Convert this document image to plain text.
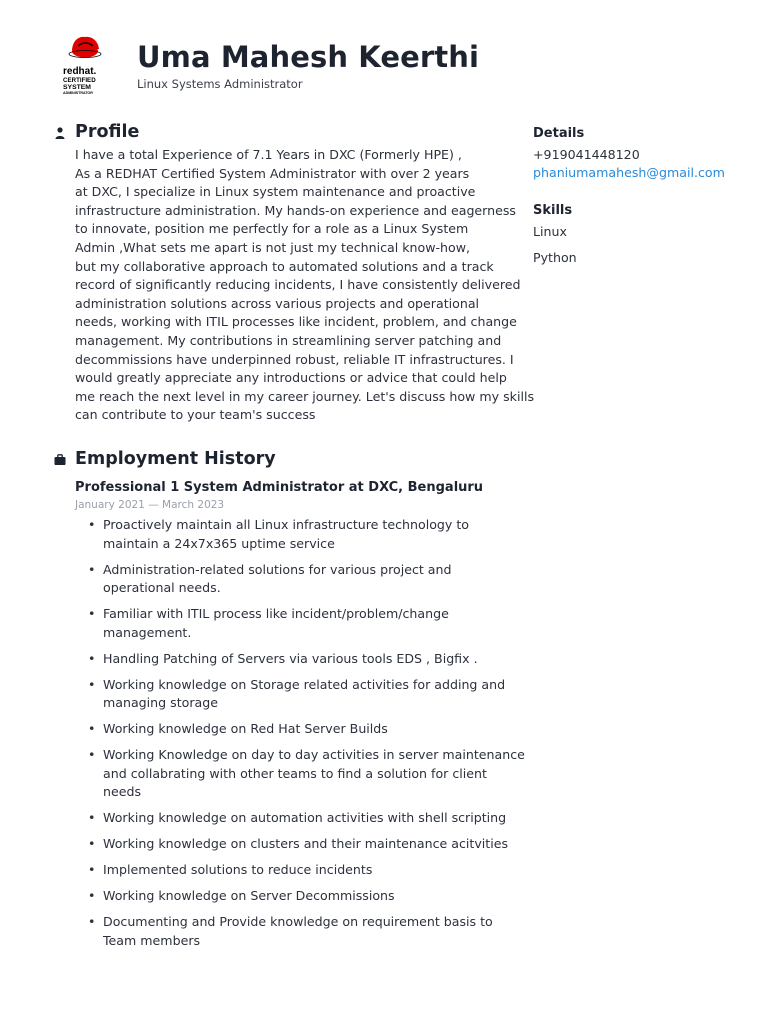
redhat.
CERTIFIED
SYSTEM
ADMINISTRATOR
Uma Mahesh Keerthi
Linux Systems Administrator
Profile
I have a total Experience of 7.1 Years in DXC (Formerly HPE) ,
As a REDHAT Certified System Administrator with over 2 years
at DXC, I specialize in Linux system maintenance and proactive
infrastructure administration. My hands-on experience and eagerness
to innovate, position me perfectly for a role as a Linux System
Admin ,What sets me apart is not just my technical know-how,
but my collaborative approach to automated solutions and a track
record of significantly reducing incidents, I have consistently delivered
administration solutions across various projects and operational
needs, working with ITIL processes like incident, problem, and change
management. My contributions in streamlining server patching and
decommissions have underpinned robust, reliable IT infrastructures. I
would greatly appreciate any introductions or advice that could help
me reach the next level in my career journey. Let's discuss how my skills
can contribute to your team's success
Employment History
Professional 1 System Administrator at DXC, Bengaluru
January 2021 — March 2023
• Proactively maintain all Linux infrastructure technology to
maintain a 24x7x365 uptime service
• Administration-related solutions for various project and
operational needs.
• Familiar with ITIL process like incident/problem/change
management.
• Handling Patching of Servers via various tools EDS , Bigfix .
• Working knowledge on Storage related activities for adding and
managing storage
• Working knowledge on Red Hat Server Builds
• Working Knowledge on day to day activities in server maintenance
and collabrating with other teams to find a solution for client
needs
• Working knowledge on automation activities with shell scripting
• Working knowledge on clusters and their maintenance acitvities
• Implemented solutions to reduce incidents
• Working knowledge on Server Decommissions
• Documenting and Provide knowledge on requirement basis to
Team members
Details
+919041448120
phaniumamahesh@gmail.com
Skills
Linux
Python
